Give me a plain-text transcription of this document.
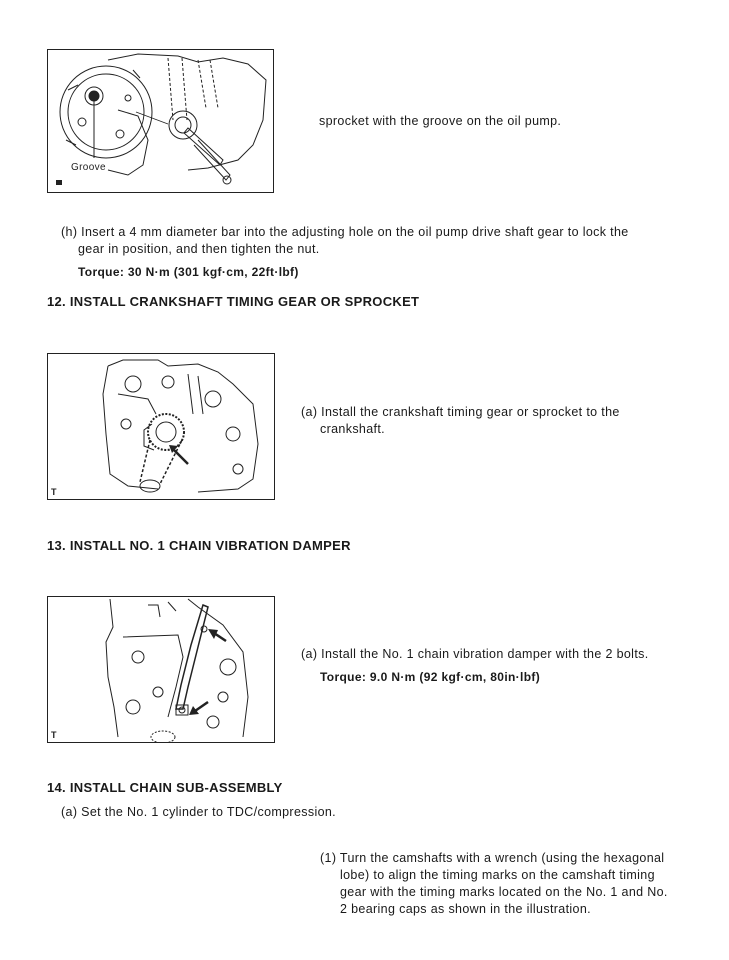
Groove
sprocket with the groove on the oil pump.
(h) Insert a 4 mm diameter bar into the adjusting hole on the oil pump drive shaft gear to lock the
gear in position, and then tighten the nut.
Torque: 30 N·m (301 kgf·cm, 22ft·lbf)
12. INSTALL CRANKSHAFT TIMING GEAR OR SPROCKET
T
(a) Install the crankshaft timing gear or sprocket to the
crankshaft.
13. INSTALL NO. 1 CHAIN VIBRATION DAMPER
T
(a) Install the No. 1 chain vibration damper with the 2 bolts.
Torque: 9.0 N·m (92 kgf·cm, 80in·lbf)
14. INSTALL CHAIN SUB-ASSEMBLY
(a) Set the No. 1 cylinder to TDC/compression.
(1) Turn the camshafts with a wrench (using the hexagonal
lobe) to align the timing marks on the camshaft timing
gear with the timing marks located on the No. 1 and No.
2 bearing caps as shown in the illustration.
